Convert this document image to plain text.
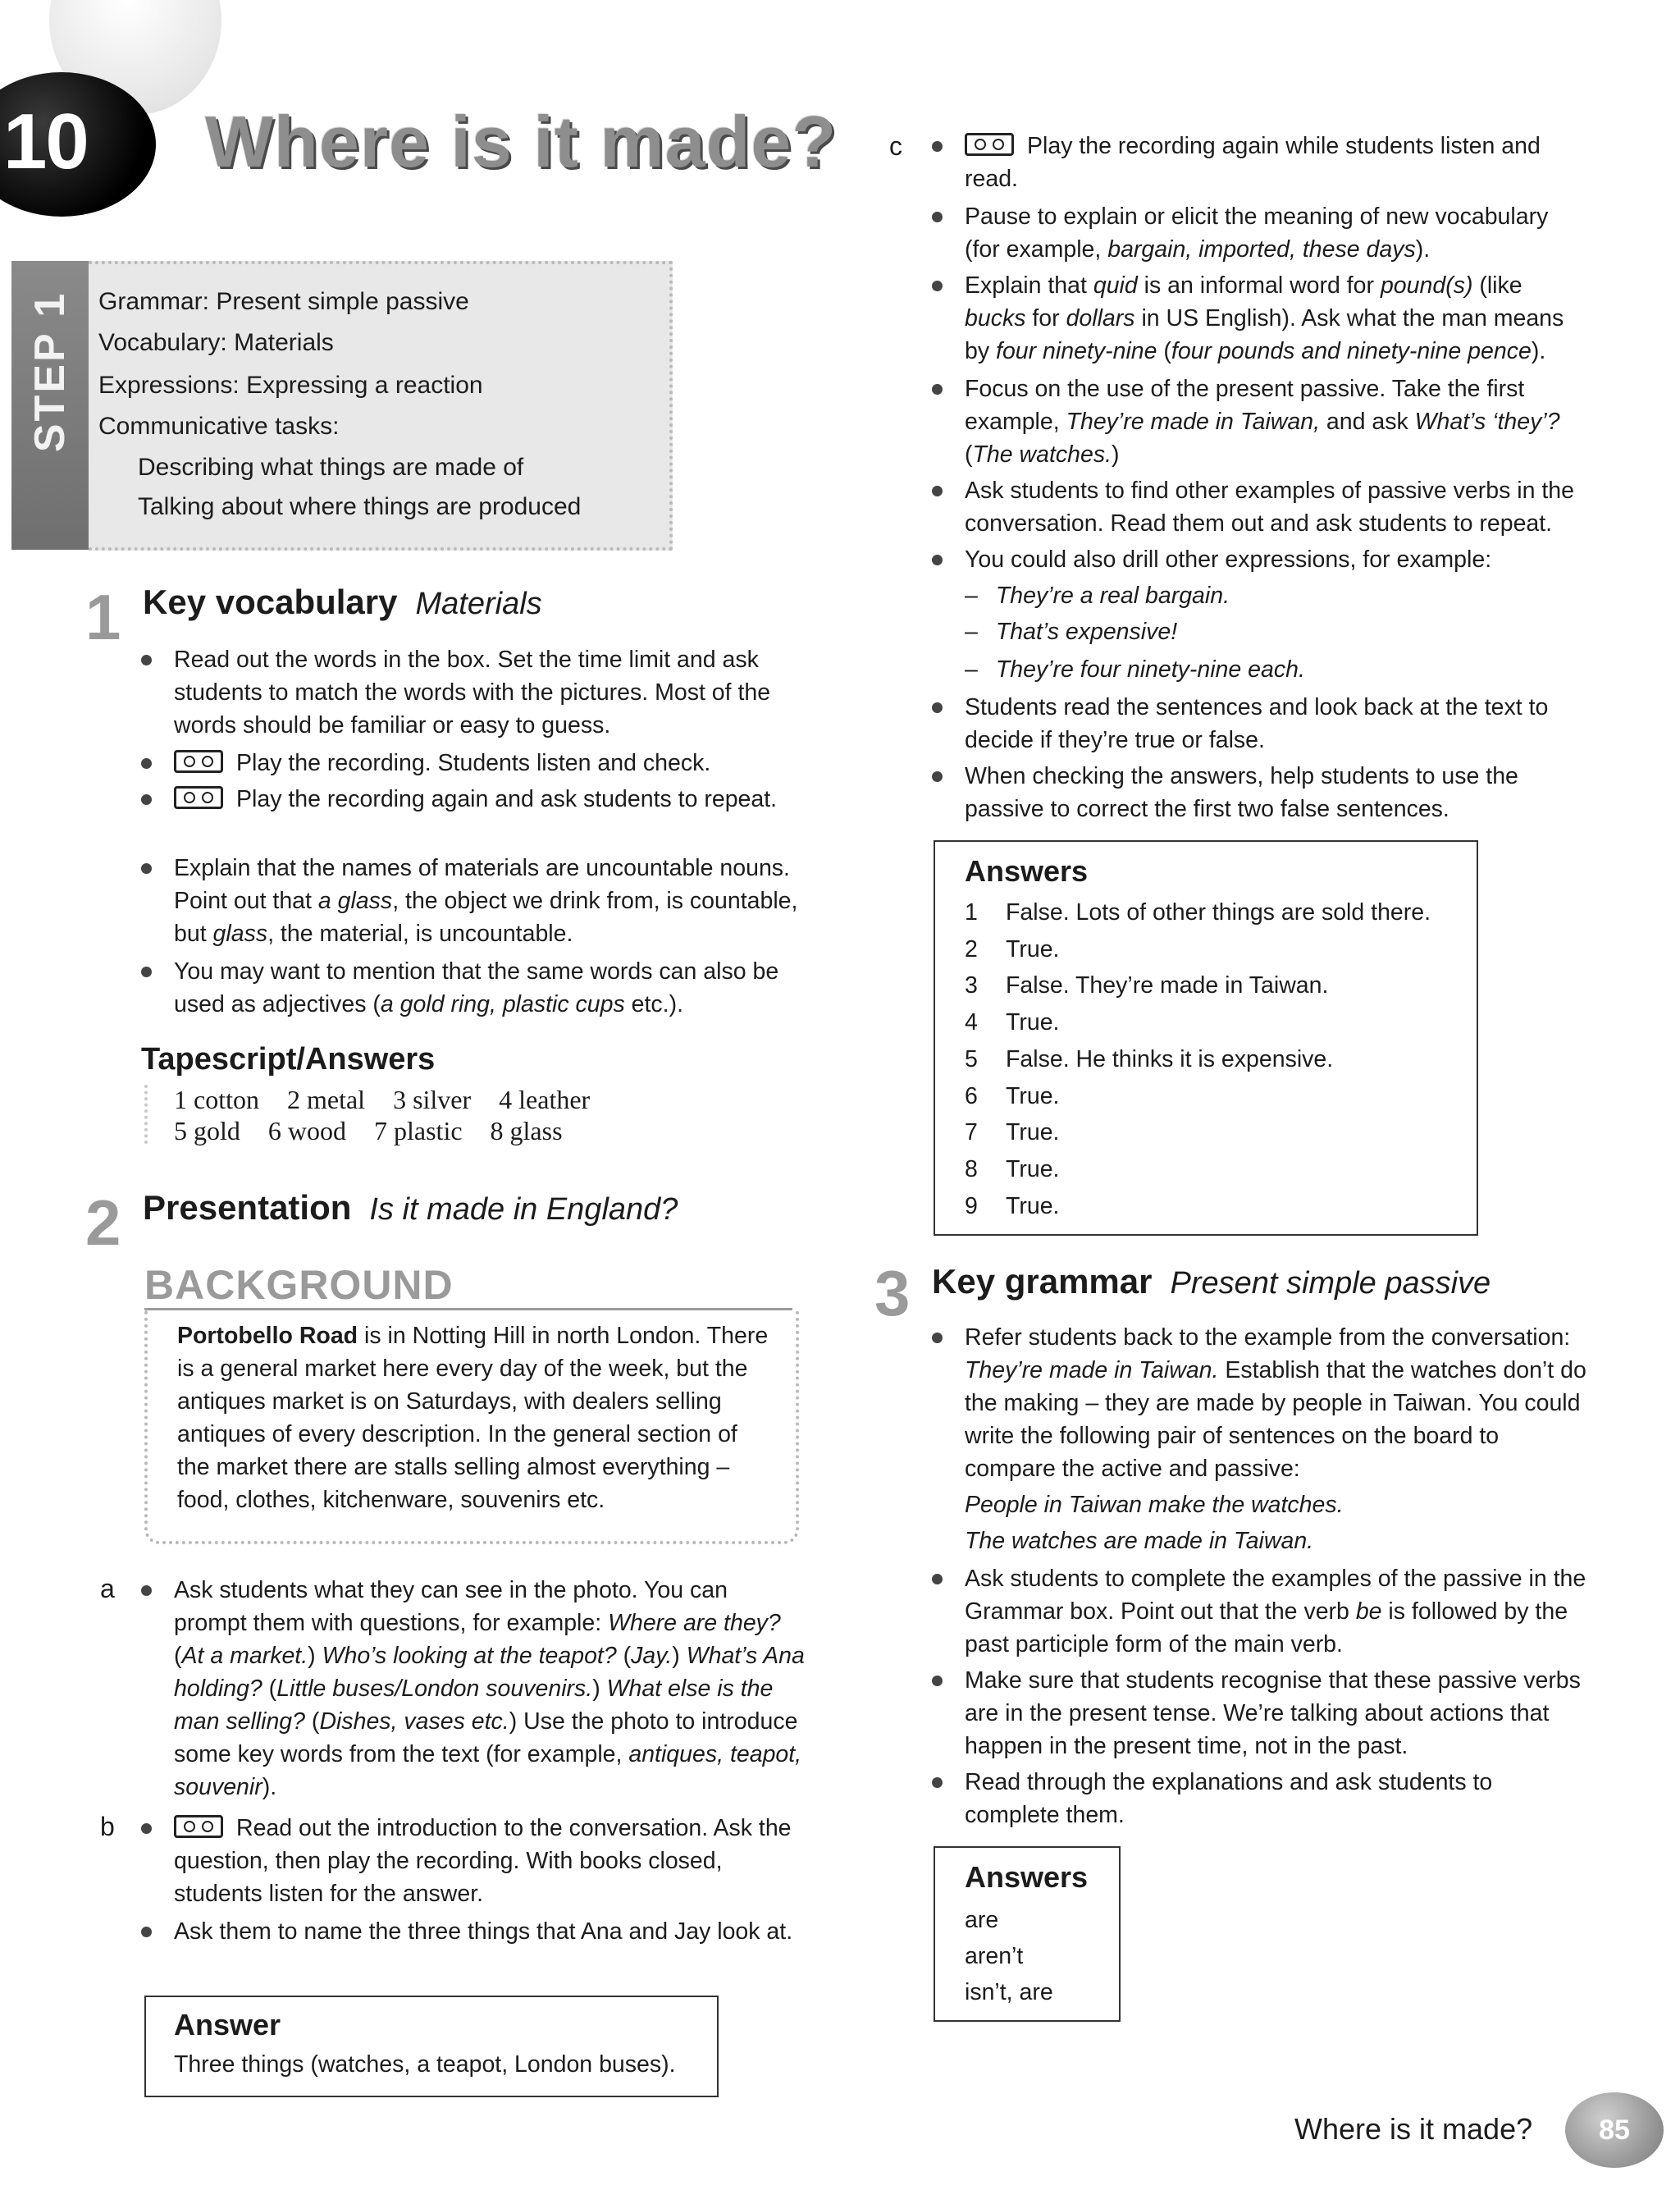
10	Where is it made?
STEP 1 Grammar: Present simple passive
Vocabulary: Materials
Expressions: Expressing a reaction
Communicative tasks:
Describing what things are made of
Talking about where things are produced
1 Key vocabulary Materials
Read out the words in the box. Set the time limit and ask students to match the words with the pictures. Most of the words should be familiar or easy to guess.
Play the recording. Students listen and check.
Play the recording again and ask students to repeat.
Explain that the names of materials are uncountable nouns. Point out that a glass, the object we drink from, is countable, but glass, the material, is uncountable.
You may want to mention that the same words can also be used as adjectives (a gold ring, plastic cups etc.).
Tapescript/Answers
1 cotton 2 metal 3 silver 4 leather
5 gold 6 wood 7 plastic 8 glass
2 Presentation Is it made in England?
BACKGROUND
Portobello Road is in Notting Hill in north London. There is a general market here every day of the week, but the antiques market is on Saturdays, with dealers selling antiques of every description. In the general section of the market there are stalls selling almost everything – food, clothes, kitchenware, souvenirs etc.
a	Ask students what they can see in the photo. You can prompt them with questions, for example: Where are they? (At a market.) Who’s looking at the teapot? (Jay.) What’s Ana holding? (Little buses/London souvenirs.) What else is the man selling? (Dishes, vases etc.) Use the photo to introduce some key words from the text (for example, antiques, teapot, souvenir).
b	Read out the introduction to the conversation. Ask the question, then play the recording. With books closed, students listen for the answer.
Ask them to name the three things that Ana and Jay look at.
Answer
Three things (watches, a teapot, London buses).
c	Play the recording again while students listen and read.
Pause to explain or elicit the meaning of new vocabulary (for example, bargain, imported, these days).
Explain that quid is an informal word for pound(s) (like bucks for dollars in US English). Ask what the man means by four ninety-nine (four pounds and ninety-nine pence).
Focus on the use of the present passive. Take the first example, They’re made in Taiwan, and ask What’s ‘they’? (The watches.)
Ask students to find other examples of passive verbs in the conversation. Read them out and ask students to repeat.
You could also drill other expressions, for example:
– They’re a real bargain.
– That’s expensive!
– They’re four ninety-nine each.
Students read the sentences and look back at the text to decide if they’re true or false.
When checking the answers, help students to use the passive to correct the first two false sentences.
Answers
1 False. Lots of other things are sold there.
2 True.
3 False. They’re made in Taiwan.
4 True.
5 False. He thinks it is expensive.
6 True.
7 True.
8 True.
9 True.
3 Key grammar Present simple passive
Refer students back to the example from the conversation: They’re made in Taiwan. Establish that the watches don’t do the making – they are made by people in Taiwan. You could write the following pair of sentences on the board to compare the active and passive:
People in Taiwan make the watches.
The watches are made in Taiwan.
Ask students to complete the examples of the passive in the Grammar box. Point out that the verb be is followed by the past participle form of the main verb.
Make sure that students recognise that these passive verbs are in the present tense. We’re talking about actions that happen in the present time, not in the past.
Read through the explanations and ask students to complete them.
Answers
are
aren’t
isn’t, are
Where is it made?	85
